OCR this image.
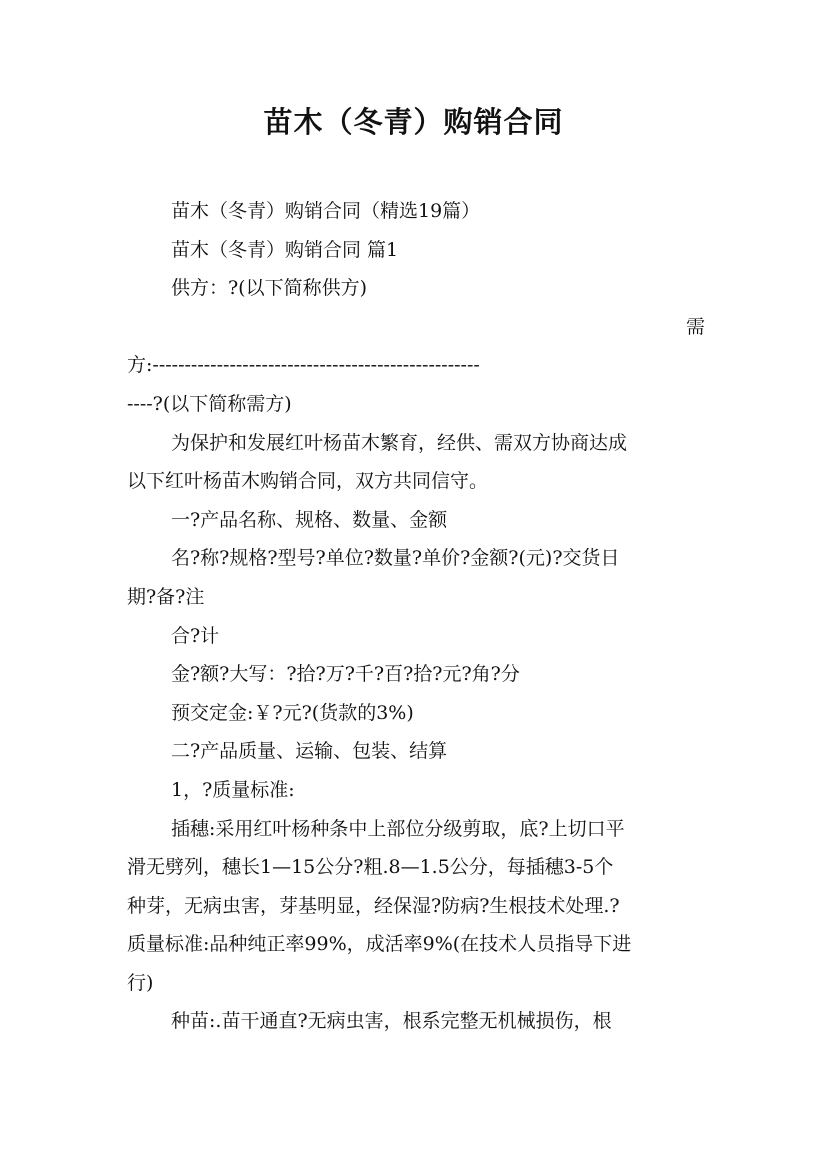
苗木（冬青）购销合同
苗木（冬青）购销合同（精选19篇）
苗木（冬青）购销合同 篇1
供方：?(以下简称供方)
需
方:---------------------------------------------------
----?(以下简称需方)
为保护和发展红叶杨苗木繁育，经供、需双方协商达成
以下红叶杨苗木购销合同，双方共同信守。
一?产品名称、规格、数量、金额
名?称?规格?型号?单位?数量?单价?金额?(元)?交货日
期?备?注
合?计
金?额?大写：?拾?万?千?百?拾?元?角?分
预交定金:￥?元?(货款的3%)
二?产品质量、运输、包装、结算
1，?质量标准:
插穗:采用红叶杨种条中上部位分级剪取，底?上切口平
滑无劈列，穗长1—15公分?粗.8—1.5公分，每插穗3-5个
种芽，无病虫害，芽基明显，经保湿?防病?生根技术处理.?
质量标准:品种纯正率99%，成活率9%(在技术人员指导下进
行)
种苗:.苗干通直?无病虫害，根系完整无机械损伤，根
